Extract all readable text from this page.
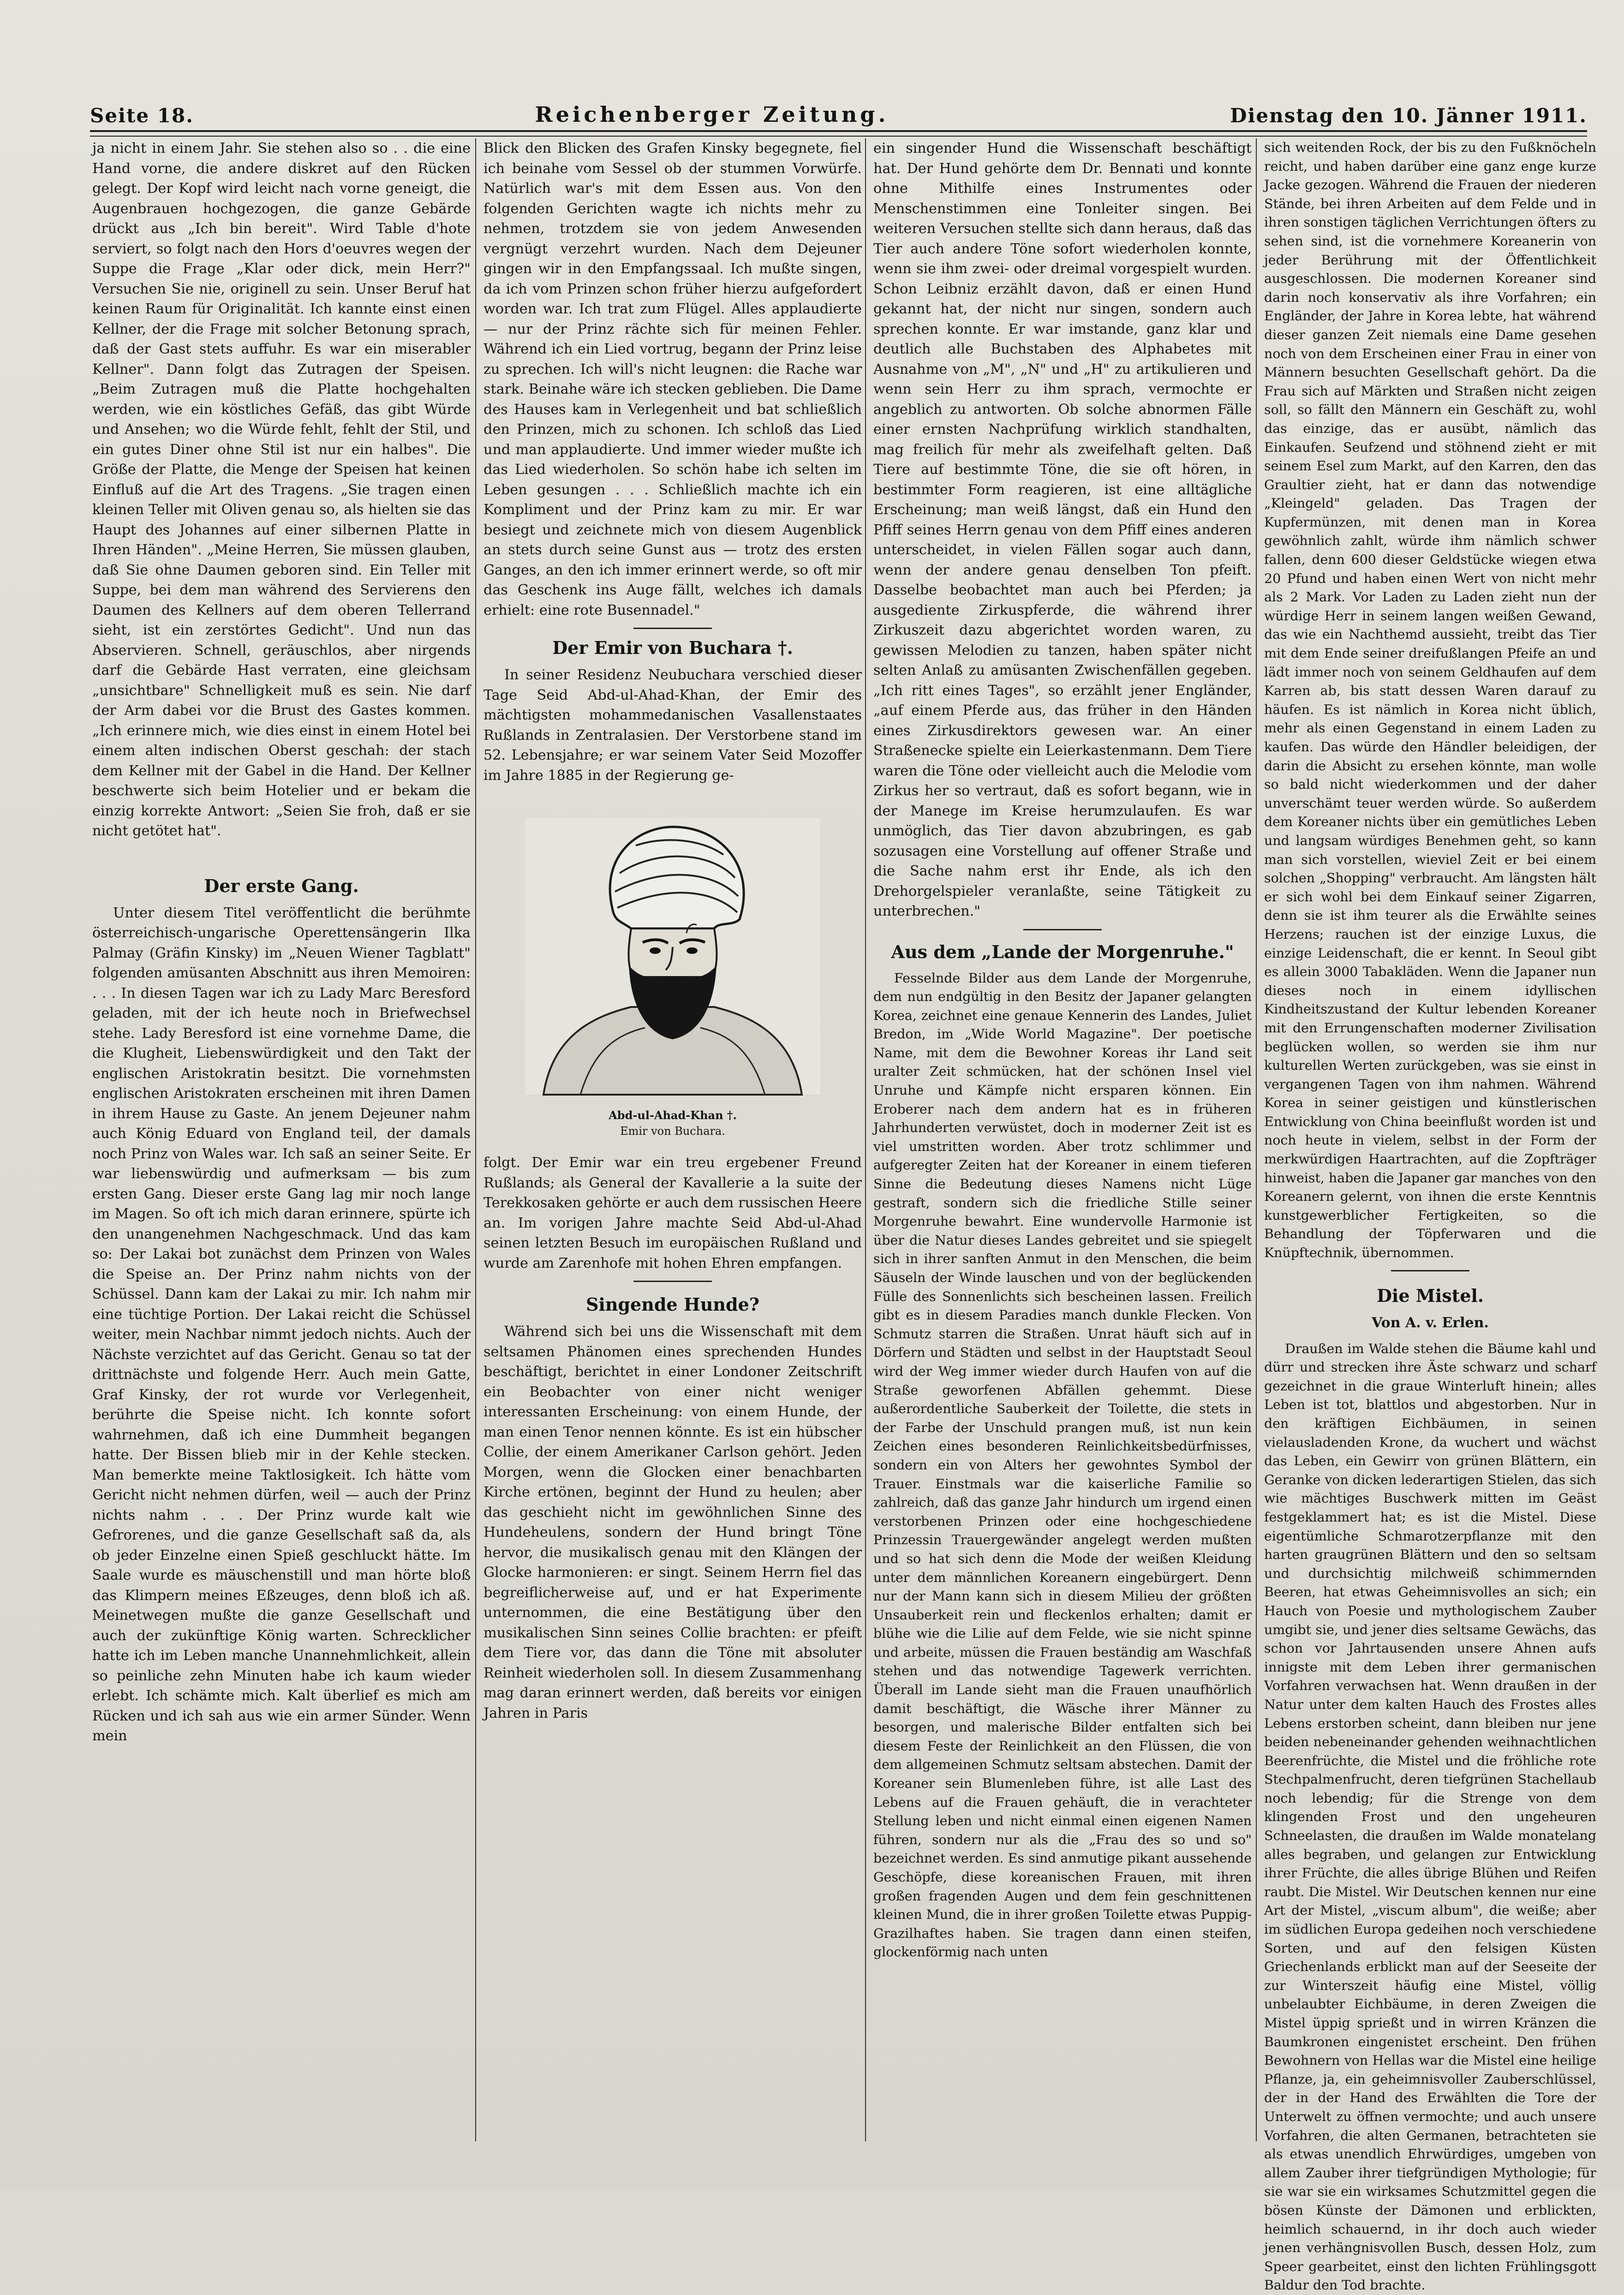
Seite 18.	Reichenberger Zeitung.	Dienstag den 10. Jänner 1911.

ja nicht in einem Jahr. Sie stehen also so . . die eine Hand vorne, die andere diskret auf den Rücken gelegt. Der Kopf wird leicht nach vorne geneigt, die Augenbrauen hochgezogen, die ganze Gebärde drückt aus „Ich bin bereit". Wird Table d'hote serviert, so folgt nach den Hors d'oeuvres wegen der Suppe die Frage „Klar oder dick, mein Herr?" Versuchen Sie nie, originell zu sein. Unser Beruf hat keinen Raum für Originalität. Ich kannte einst einen Kellner, der die Frage mit solcher Betonung sprach, daß der Gast stets auffuhr. Es war ein miserabler Kellner". Dann folgt das Zutragen der Speisen. „Beim Zutragen muß die Platte hochgehalten werden, wie ein köstliches Gefäß, das gibt Würde und Ansehen; wo die Würde fehlt, fehlt der Stil, und ein gutes Diner ohne Stil ist nur ein halbes". Die Größe der Platte, die Menge der Speisen hat keinen Einfluß auf die Art des Tragens. „Sie tragen einen kleinen Teller mit Oliven genau so, als hielten sie das Haupt des Johannes auf einer silbernen Platte in Ihren Händen". „Meine Herren, Sie müssen glauben, daß Sie ohne Daumen geboren sind. Ein Teller mit Suppe, bei dem man während des Servierens den Daumen des Kellners auf dem oberen Tellerrand sieht, ist ein zerstörtes Gedicht". Und nun das Abservieren. Schnell, geräuschlos, aber nirgends darf die Gebärde Hast verraten, eine gleichsam „unsichtbare" Schnelligkeit muß es sein. Nie darf der Arm dabei vor die Brust des Gastes kommen. „Ich erinnere mich, wie dies einst in einem Hotel bei einem alten indischen Oberst geschah: der stach dem Kellner mit der Gabel in die Hand. Der Kellner beschwerte sich beim Hotelier und er bekam die einzig korrekte Antwort: „Seien Sie froh, daß er sie nicht getötet hat".

Der erste Gang.

Unter diesem Titel veröffentlicht die berühmte österreichisch-ungarische Operettensängerin Ilka Palmay (Gräfin Kinsky) im „Neuen Wiener Tagblatt" folgenden amüsanten Abschnitt aus ihren Memoiren: . . . In diesen Tagen war ich zu Lady Marc Beresford geladen, mit der ich heute noch in Briefwechsel stehe. Lady Beresford ist eine vornehme Dame, die die Klugheit, Liebenswürdigkeit und den Takt der englischen Aristokratin besitzt. Die vornehmsten englischen Aristokraten erscheinen mit ihren Damen in ihrem Hause zu Gaste. An jenem Dejeuner nahm auch König Eduard von England teil, der damals noch Prinz von Wales war. Ich saß an seiner Seite. Er war liebenswürdig und aufmerksam — bis zum ersten Gang. Dieser erste Gang lag mir noch lange im Magen. So oft ich mich daran erinnere, spürte ich den unangenehmen Nachgeschmack. Und das kam so: Der Lakai bot zunächst dem Prinzen von Wales die Speise an. Der Prinz nahm nichts von der Schüssel. Dann kam der Lakai zu mir. Ich nahm mir eine tüchtige Portion. Der Lakai reicht die Schüssel weiter, mein Nachbar nimmt jedoch nichts. Auch der Nächste verzichtet auf das Gericht. Genau so tat der drittnächste und folgende Herr. Auch mein Gatte, Graf Kinsky, der rot wurde vor Verlegenheit, berührte die Speise nicht. Ich konnte sofort wahrnehmen, daß ich eine Dummheit begangen hatte. Der Bissen blieb mir in der Kehle stecken. Man bemerkte meine Taktlosigkeit. Ich hätte vom Gericht nicht nehmen dürfen, weil — auch der Prinz nichts nahm . . . Der Prinz wurde kalt wie Gefrorenes, und die ganze Gesellschaft saß da, als ob jeder Einzelne einen Spieß geschluckt hätte. Im Saale wurde es mäuschenstill und man hörte bloß das Klimpern meines Eßzeuges, denn bloß ich aß. Meinetwegen mußte die ganze Gesellschaft und auch der zukünftige König warten. Schrecklicher hatte ich im Leben manche Unannehmlichkeit, allein so peinliche zehn Minuten habe ich kaum wieder erlebt. Ich schämte mich. Kalt überlief es mich am Rücken und ich sah aus wie ein armer Sünder. Wenn mein

Blick den Blicken des Grafen Kinsky begegnete, fiel ich beinahe vom Sessel ob der stummen Vorwürfe. Natürlich war's mit dem Essen aus. Von den folgenden Gerichten wagte ich nichts mehr zu nehmen, trotzdem sie von jedem Anwesenden vergnügt verzehrt wurden. Nach dem Dejeuner gingen wir in den Empfangssaal. Ich mußte singen, da ich vom Prinzen schon früher hierzu aufgefordert worden war. Ich trat zum Flügel. Alles applaudierte — nur der Prinz rächte sich für meinen Fehler. Während ich ein Lied vortrug, begann der Prinz leise zu sprechen. Ich will's nicht leugnen: die Rache war stark. Beinahe wäre ich stecken geblieben. Die Dame des Hauses kam in Verlegenheit und bat schließlich den Prinzen, mich zu schonen. Ich schloß das Lied und man applaudierte. Und immer wieder mußte ich das Lied wiederholen. So schön habe ich selten im Leben gesungen . . . Schließlich machte ich ein Kompliment und der Prinz kam zu mir. Er war besiegt und zeichnete mich von diesem Augenblick an stets durch seine Gunst aus — trotz des ersten Ganges, an den ich immer erinnert werde, so oft mir das Geschenk ins Auge fällt, welches ich damals erhielt: eine rote Busennadel."

Der Emir von Buchara †.

In seiner Residenz Neubuchara verschied dieser Tage Seid Abd-ul-Ahad-Khan, der Emir des mächtigsten mohammedanischen Vasallenstaates Rußlands in Zentralasien. Der Verstorbene stand im 52. Lebensjahre; er war seinem Vater Seid Mozoffer im Jahre 1885 in der Regierung ge-

Abd-ul-Ahad-Khan †.
Emir von Buchara.

folgt. Der Emir war ein treu ergebener Freund Rußlands; als General der Kavallerie a la suite der Terekkosaken gehörte er auch dem russischen Heere an. Im vorigen Jahre machte Seid Abd-ul-Ahad seinen letzten Besuch im europäischen Rußland und wurde am Zarenhofe mit hohen Ehren empfangen.

Singende Hunde?

Während sich bei uns die Wissenschaft mit dem seltsamen Phänomen eines sprechenden Hundes beschäftigt, berichtet in einer Londoner Zeitschrift ein Beobachter von einer nicht weniger interessanten Erscheinung: von einem Hunde, der man einen Tenor nennen könnte. Es ist ein hübscher Collie, der einem Amerikaner Carlson gehört. Jeden Morgen, wenn die Glocken einer benachbarten Kirche ertönen, beginnt der Hund zu heulen; aber das geschieht nicht im gewöhnlichen Sinne des Hundeheulens, sondern der Hund bringt Töne hervor, die musikalisch genau mit den Klängen der Glocke harmonieren: er singt. Seinem Herrn fiel das begreiflicherweise auf, und er hat Experimente unternommen, die eine Bestätigung über den musikalischen Sinn seines Collie brachten: er pfeift dem Tiere vor, das dann die Töne mit absoluter Reinheit wiederholen soll. In diesem Zusammenhang mag daran erinnert werden, daß bereits vor einigen Jahren in Paris

ein singender Hund die Wissenschaft beschäftigt hat. Der Hund gehörte dem Dr. Bennati und konnte ohne Mithilfe eines Instrumentes oder Menschenstimmen eine Tonleiter singen. Bei weiteren Versuchen stellte sich dann heraus, daß das Tier auch andere Töne sofort wiederholen konnte, wenn sie ihm zwei- oder dreimal vorgespielt wurden. Schon Leibniz erzählt davon, daß er einen Hund gekannt hat, der nicht nur singen, sondern auch sprechen konnte. Er war imstande, ganz klar und deutlich alle Buchstaben des Alphabetes mit Ausnahme von „M", „N" und „H" zu artikulieren und wenn sein Herr zu ihm sprach, vermochte er angeblich zu antworten. Ob solche abnormen Fälle einer ernsten Nachprüfung wirklich standhalten, mag freilich für mehr als zweifelhaft gelten. Daß Tiere auf bestimmte Töne, die sie oft hören, in bestimmter Form reagieren, ist eine alltägliche Erscheinung; man weiß längst, daß ein Hund den Pfiff seines Herrn genau von dem Pfiff eines anderen unterscheidet, in vielen Fällen sogar auch dann, wenn der andere genau denselben Ton pfeift. Dasselbe beobachtet man auch bei Pferden; ja ausgediente Zirkuspferde, die während ihrer Zirkuszeit dazu abgerichtet worden waren, zu gewissen Melodien zu tanzen, haben später nicht selten Anlaß zu amüsanten Zwischenfällen gegeben. „Ich ritt eines Tages", so erzählt jener Engländer, „auf einem Pferde aus, das früher in den Händen eines Zirkusdirektors gewesen war. An einer Straßenecke spielte ein Leierkastenmann. Dem Tiere waren die Töne oder vielleicht auch die Melodie vom Zirkus her so vertraut, daß es sofort begann, wie in der Manege im Kreise herumzulaufen. Es war unmöglich, das Tier davon abzubringen, es gab sozusagen eine Vorstellung auf offener Straße und die Sache nahm erst ihr Ende, als ich den Drehorgelspieler veranlaßte, seine Tätigkeit zu unterbrechen."

Aus dem „Lande der Morgenruhe."

Fesselnde Bilder aus dem Lande der Morgenruhe, dem nun endgültig in den Besitz der Japaner gelangten Korea, zeichnet eine genaue Kennerin des Landes, Juliet Bredon, im „Wide World Magazine". Der poetische Name, mit dem die Bewohner Koreas ihr Land seit uralter Zeit schmücken, hat der schönen Insel viel Unruhe und Kämpfe nicht ersparen können. Ein Eroberer nach dem andern hat es in früheren Jahrhunderten verwüstet, doch in moderner Zeit ist es viel umstritten worden. Aber trotz schlimmer und aufgeregter Zeiten hat der Koreaner in einem tieferen Sinne die Bedeutung dieses Namens nicht Lüge gestraft, sondern sich die friedliche Stille seiner Morgenruhe bewahrt. Eine wundervolle Harmonie ist über die Natur dieses Landes gebreitet und sie spiegelt sich in ihrer sanften Anmut in den Menschen, die beim Säuseln der Winde lauschen und von der beglückenden Fülle des Sonnenlichts sich bescheinen lassen. Freilich gibt es in diesem Paradies manch dunkle Flecken. Von Schmutz starren die Straßen. Unrat häuft sich auf in Dörfern und Städten und selbst in der Hauptstadt Seoul wird der Weg immer wieder durch Haufen von auf die Straße geworfenen Abfällen gehemmt. Diese außerordentliche Sauberkeit der Toilette, die stets in der Farbe der Unschuld prangen muß, ist nun kein Zeichen eines besonderen Reinlichkeitsbedürfnisses, sondern ein von Alters her gewohntes Symbol der Trauer. Einstmals war die kaiserliche Familie so zahlreich, daß das ganze Jahr hindurch um irgend einen verstorbenen Prinzen oder eine hochgeschiedene Prinzessin Trauergewänder angelegt werden mußten und so hat sich denn die Mode der weißen Kleidung unter dem männlichen Koreanern eingebürgert. Denn nur der Mann kann sich in diesem Milieu der größten Unsauberkeit rein und fleckenlos erhalten; damit er blühe wie die Lilie auf dem Felde, wie sie nicht spinne und arbeite, müssen die Frauen beständig am Waschfaß stehen und das notwendige Tagewerk verrichten. Überall im Lande sieht man die Frauen unaufhörlich damit beschäftigt, die Wäsche ihrer Männer zu besorgen, und malerische Bilder entfalten sich bei diesem Feste der Reinlichkeit an den Flüssen, die von dem allgemeinen Schmutz seltsam abstechen. Damit der Koreaner sein Blumenleben führe, ist alle Last des Lebens auf die Frauen gehäuft, die in verachteter Stellung leben und nicht einmal einen eigenen Namen führen, sondern nur als die „Frau des so und so" bezeichnet werden. Es sind anmutige pikant aussehende Geschöpfe, diese koreanischen Frauen, mit ihren großen fragenden Augen und dem fein geschnittenen kleinen Mund, die in ihrer großen Toilette etwas Puppig-Grazilhaftes haben. Sie tragen dann einen steifen, glockenförmig nach unten

sich weitenden Rock, der bis zu den Fußknöcheln reicht, und haben darüber eine ganz enge kurze Jacke gezogen. Während die Frauen der niederen Stände, bei ihren Arbeiten auf dem Felde und in ihren sonstigen täglichen Verrichtungen öfters zu sehen sind, ist die vornehmere Koreanerin von jeder Berührung mit der Öffentlichkeit ausgeschlossen. Die modernen Koreaner sind darin noch konservativ als ihre Vorfahren; ein Engländer, der Jahre in Korea lebte, hat während dieser ganzen Zeit niemals eine Dame gesehen noch von dem Erscheinen einer Frau in einer von Männern besuchten Gesellschaft gehört. Da die Frau sich auf Märkten und Straßen nicht zeigen soll, so fällt den Männern ein Geschäft zu, wohl das einzige, das er ausübt, nämlich das Einkaufen. Seufzend und stöhnend zieht er mit seinem Esel zum Markt, auf den Karren, den das Graultier zieht, hat er dann das notwendige „Kleingeld" geladen. Das Tragen der Kupfermünzen, mit denen man in Korea gewöhnlich zahlt, würde ihm nämlich schwer fallen, denn 600 dieser Geldstücke wiegen etwa 20 Pfund und haben einen Wert von nicht mehr als 2 Mark. Vor Laden zu Laden zieht nun der würdige Herr in seinem langen weißen Gewand, das wie ein Nachthemd aussieht, treibt das Tier mit dem Ende seiner dreifußlangen Pfeife an und lädt immer noch von seinem Geldhaufen auf dem Karren ab, bis statt dessen Waren darauf zu häufen. Es ist nämlich in Korea nicht üblich, mehr als einen Gegenstand in einem Laden zu kaufen. Das würde den Händler beleidigen, der darin die Absicht zu ersehen könnte, man wolle so bald nicht wiederkommen und der daher unverschämt teuer werden würde. So außerdem dem Koreaner nichts über ein gemütliches Leben und langsam würdiges Benehmen geht, so kann man sich vorstellen, wieviel Zeit er bei einem solchen „Shopping" verbraucht. Am längsten hält er sich wohl bei dem Einkauf seiner Zigarren, denn sie ist ihm teurer als die Erwählte seines Herzens; rauchen ist der einzige Luxus, die einzige Leidenschaft, die er kennt. In Seoul gibt es allein 3000 Tabakläden. Wenn die Japaner nun dieses noch in einem idyllischen Kindheitszustand der Kultur lebenden Koreaner mit den Errungenschaften moderner Zivilisation beglücken wollen, so werden sie ihm nur kulturellen Werten zurückgeben, was sie einst in vergangenen Tagen von ihm nahmen. Während Korea in seiner geistigen und künstlerischen Entwicklung von China beeinflußt worden ist und noch heute in vielem, selbst in der Form der merkwürdigen Haartrachten, auf die Zopfträger hinweist, haben die Japaner gar manches von den Koreanern gelernt, von ihnen die erste Kenntnis kunstgewerblicher Fertigkeiten, so die Behandlung der Töpferwaren und die Knüpftechnik, übernommen.

Die Mistel.
Von A. v. Erlen.

Draußen im Walde stehen die Bäume kahl und dürr und strecken ihre Äste schwarz und scharf gezeichnet in die graue Winterluft hinein; alles Leben ist tot, blattlos und abgestorben. Nur in den kräftigen Eichbäumen, in seinen vielausladenden Krone, da wuchert und wächst das Leben, ein Gewirr von grünen Blättern, ein Geranke von dicken lederartigen Stielen, das sich wie mächtiges Buschwerk mitten im Geäst festgeklammert hat; es ist die Mistel. Diese eigentümliche Schmarotzerpflanze mit den harten graugrünen Blättern und den so seltsam und durchsichtig milchweiß schimmernden Beeren, hat etwas Geheimnisvolles an sich; ein Hauch von Poesie und mythologischem Zauber umgibt sie, und jener dies seltsame Gewächs, das schon vor Jahrtausenden unsere Ahnen aufs innigste mit dem Leben ihrer germanischen Vorfahren verwachsen hat. Wenn draußen in der Natur unter dem kalten Hauch des Frostes alles Lebens erstorben scheint, dann bleiben nur jene beiden nebeneinander gehenden weihnachtlichen Beerenfrüchte, die Mistel und die fröhliche rote Stechpalmenfrucht, deren tiefgrünen Stachellaub noch lebendig; für die Strenge von dem klingenden Frost und den ungeheuren Schneelasten, die draußen im Walde monatelang alles begraben, und gelangen zur Entwicklung ihrer Früchte, die alles übrige Blühen und Reifen raubt. Die Mistel. Wir Deutschen kennen nur eine Art der Mistel, „viscum album", die weiße; aber im südlichen Europa gedeihen noch verschiedene Sorten, und auf den felsigen Küsten Griechenlands erblickt man auf der Seeseite der zur Winterszeit häufig eine Mistel, völlig unbelaubter Eichbäume, in deren Zweigen die Mistel üppig sprießt und in wirren Kränzen die Baumkronen eingenistet erscheint. Den frühen Bewohnern von Hellas war die Mistel eine heilige Pflanze, ja, ein geheimnisvoller Zauberschlüssel, der in der Hand des Erwählten die Tore der Unterwelt zu öffnen vermochte; und auch unsere Vorfahren, die alten Germanen, betrachteten sie als etwas unendlich Ehrwürdiges, umgeben von allem Zauber ihrer tiefgründigen Mythologie; für sie war sie ein wirksames Schutzmittel gegen die bösen Künste der Dämonen und erblickten, heimlich schauernd, in ihr doch auch wieder jenen verhängnisvollen Busch, dessen Holz, zum Speer gearbeitet, einst den lichten Frühlingsgott Baldur den Tod brachte.
